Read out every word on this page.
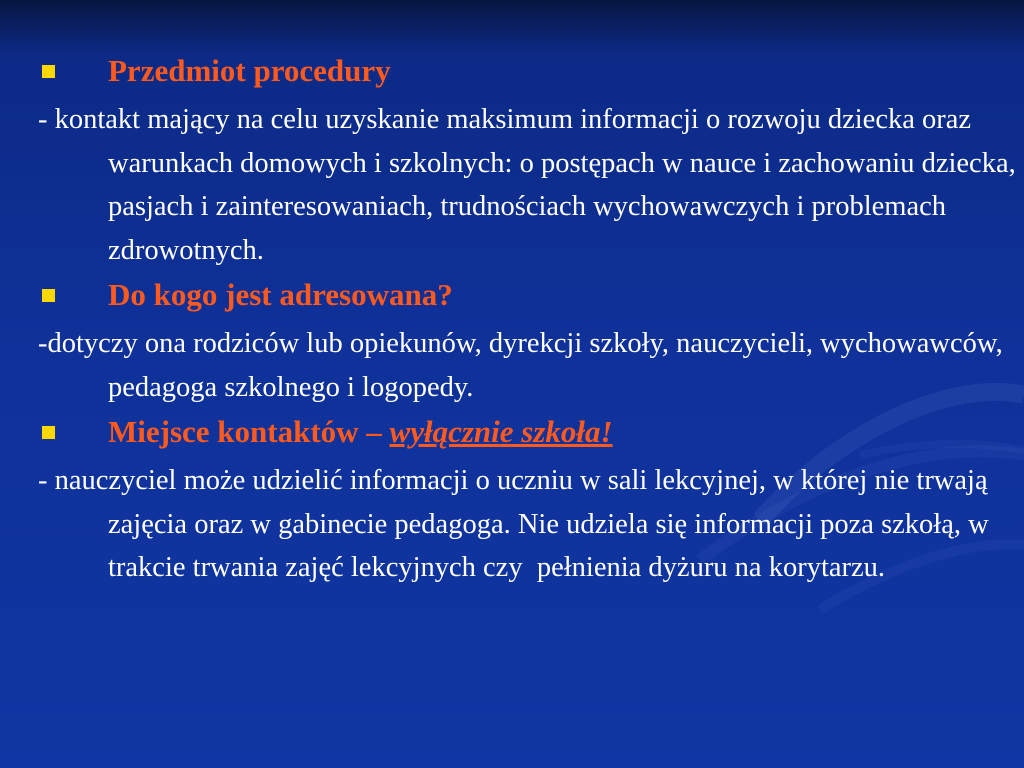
Przedmiot procedury

- kontakt mający na celu uzyskanie maksimum informacji o rozwoju dziecka oraz  warunkach domowych i szkolnych: o postępach w nauce i zachowaniu dziecka, pasjach i zainteresowaniach, trudnościach wychowawczych i problemach zdrowotnych.

Do kogo jest adresowana?

-dotyczy ona rodziców lub opiekunów, dyrekcji szkoły, nauczycieli, wychowawców, pedagoga szkolnego i logopedy.

Miejsce kontaktów – wyłącznie szkoła!

- nauczyciel może udzielić informacji o uczniu w sali lekcyjnej, w której nie trwają zajęcia oraz w gabinecie pedagoga. Nie udziela się informacji poza szkołą, w trakcie trwania zajęć lekcyjnych czy  pełnienia dyżuru na korytarzu.
